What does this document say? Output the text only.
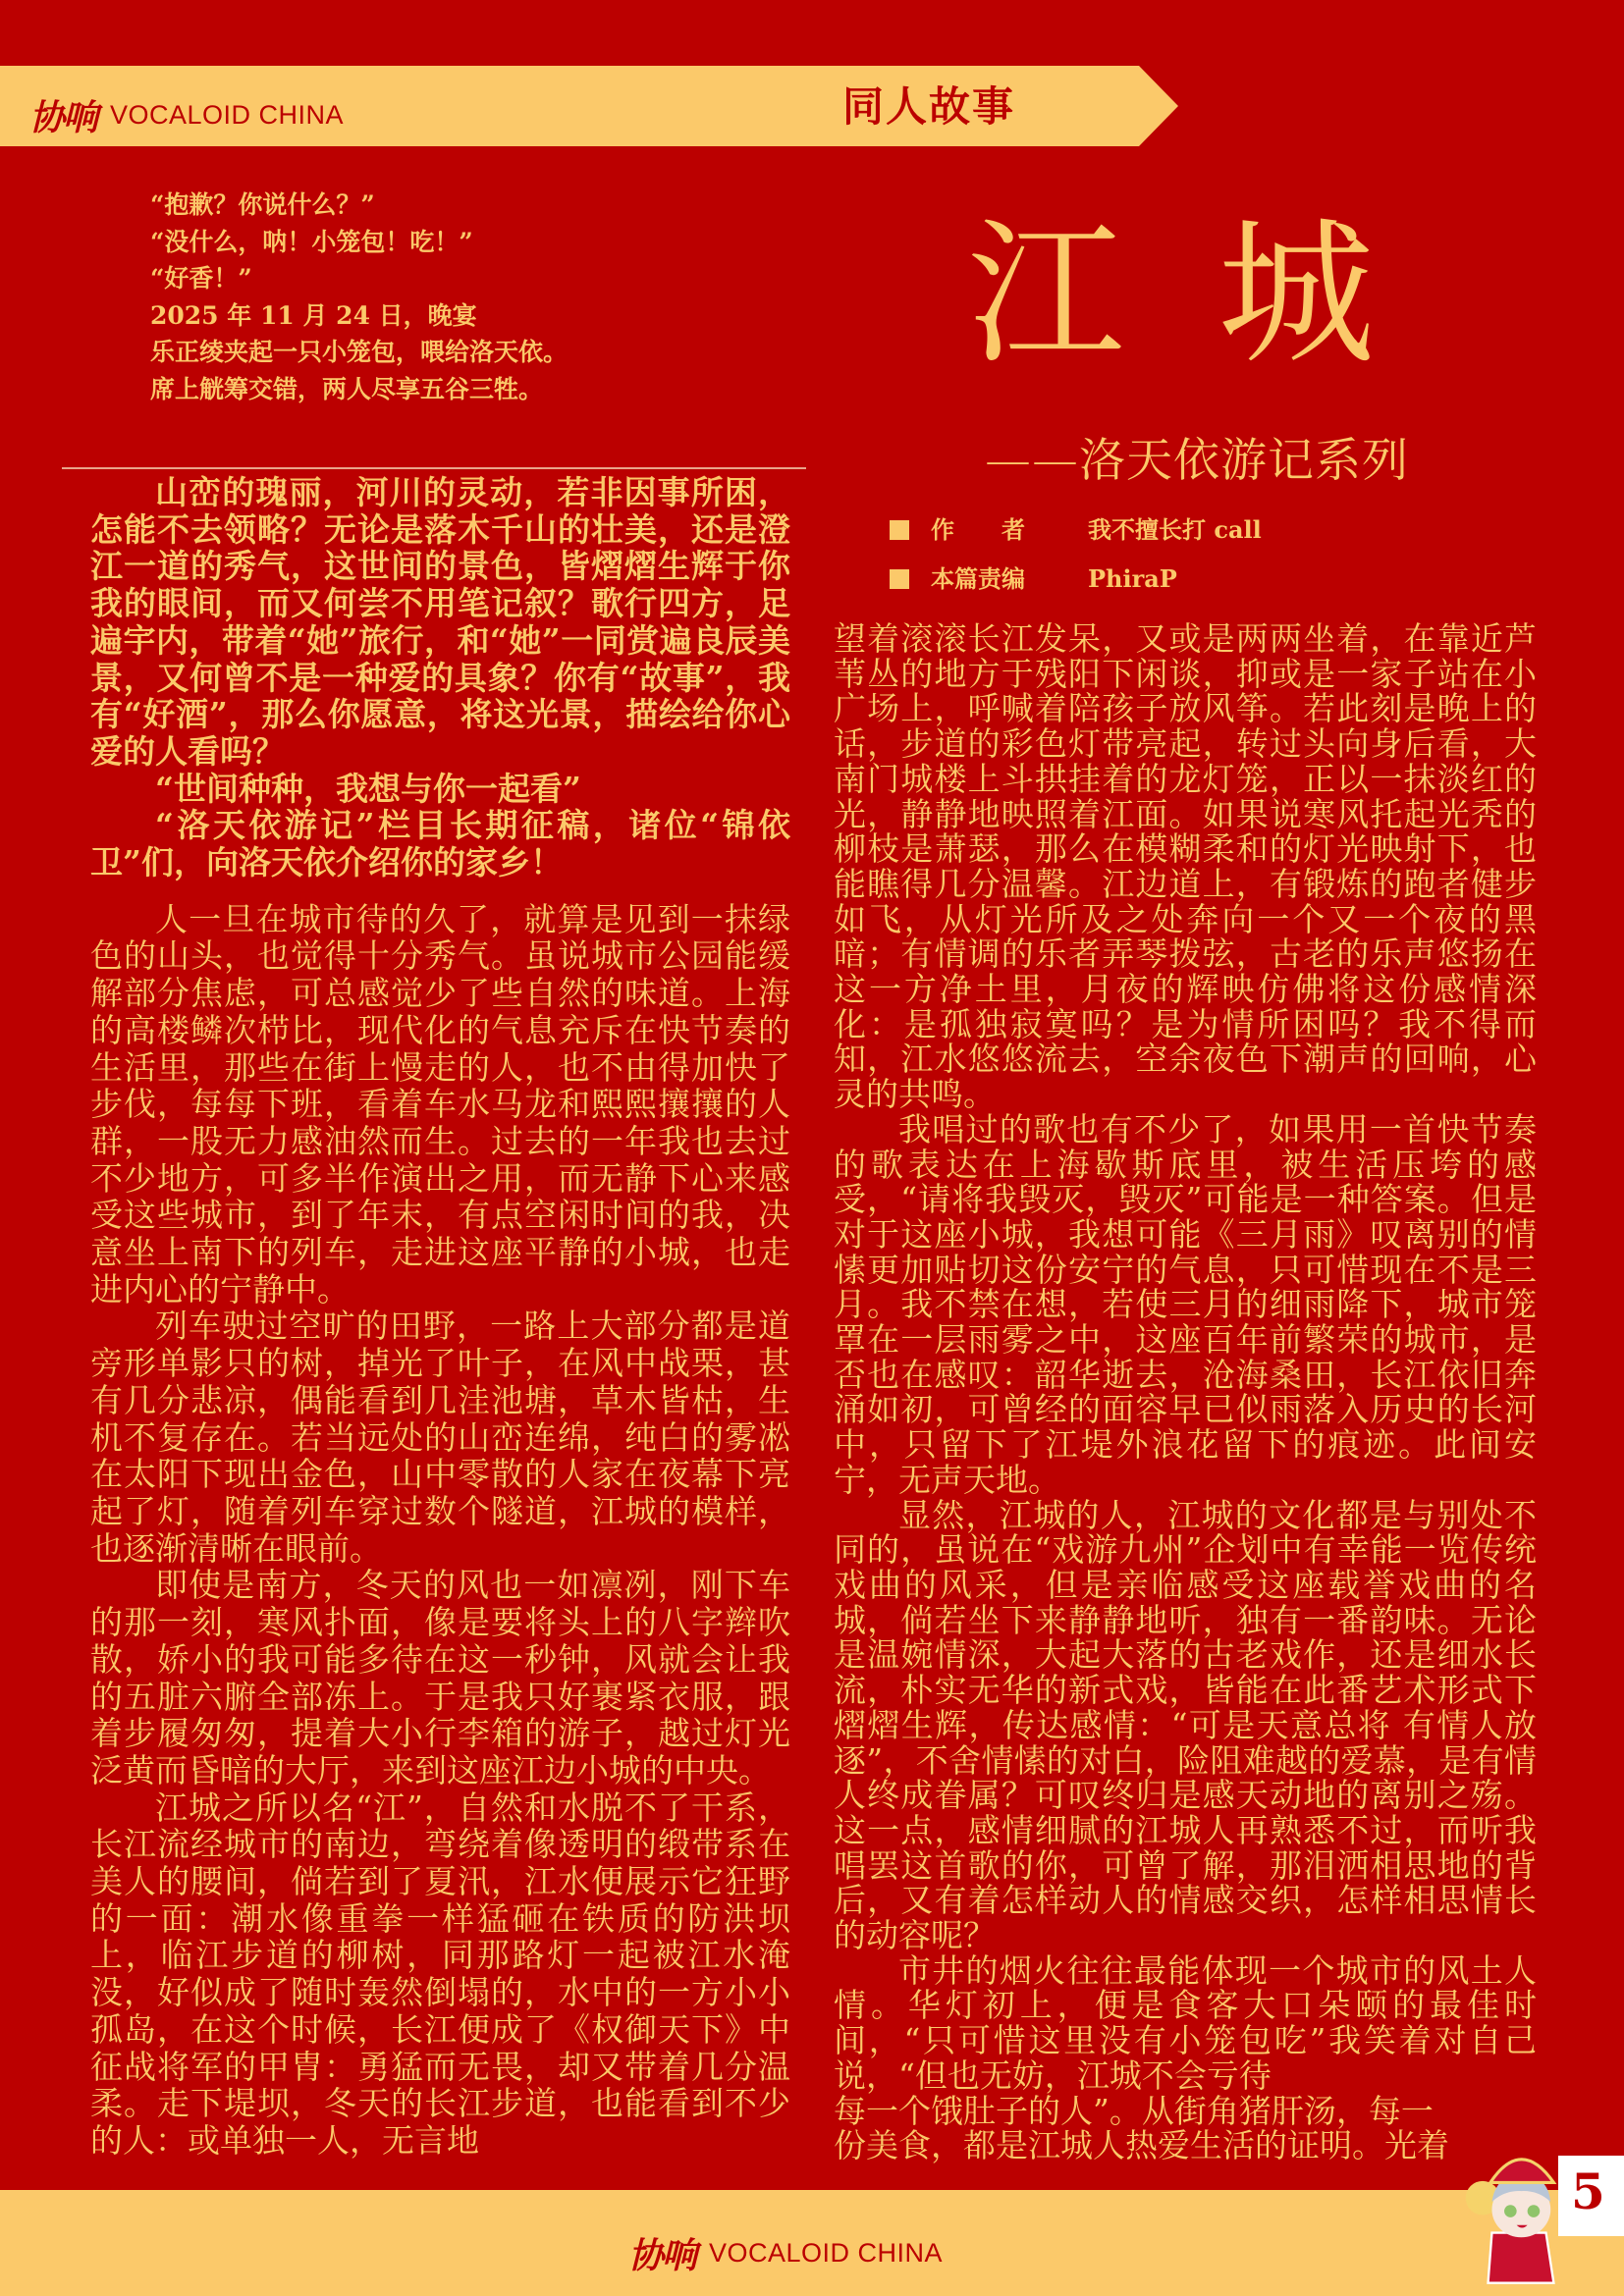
协响 VOCALOID CHINA	同人故事
“抱歉？你说什么？”
“没什么，呐！小笼包！吃！”
“好香！”
2025 年 11 月 24 日，晚宴
乐正绫夹起一只小笼包，喂给洛天依。
席上觥筹交错，两人尽享五谷三牲。
江城
——洛天依游记系列
作　　者	我不擅长打 call
本篇责编	PhiraP

山峦的瑰丽，河川的灵动，若非因事所困，怎能不去领略？无论是落木千山的壮美，还是澄江一道的秀气，这世间的景色，皆熠熠生辉于你我的眼间，而又何尝不用笔记叙？歌行四方，足遍宇内，带着“她”旅行，和“她”一同赏遍良辰美景，又何曾不是一种爱的具象？你有“故事”，我有“好酒”，那么你愿意，将这光景，描绘给你心爱的人看吗？

“世间种种，我想与你一起看”

“洛天依游记”栏目长期征稿，诸位“锦依卫”们，向洛天依介绍你的家乡！

人一旦在城市待的久了，就算是见到一抹绿色的山头，也觉得十分秀气。虽说城市公园能缓解部分焦虑，可总感觉少了些自然的味道。上海的高楼鳞次栉比，现代化的气息充斥在快节奏的生活里，那些在街上慢走的人，也不由得加快了步伐，每每下班，看着车水马龙和熙熙攘攘的人群，一股无力感油然而生。过去的一年我也去过不少地方，可多半作演出之用，而无静下心来感受这些城市，到了年末，有点空闲时间的我，决意坐上南下的列车，走进这座平静的小城，也走进内心的宁静中。

列车驶过空旷的田野，一路上大部分都是道旁形单影只的树，掉光了叶子，在风中战栗，甚有几分悲凉，偶能看到几洼池塘，草木皆枯，生机不复存在。若当远处的山峦连绵，纯白的雾凇在太阳下现出金色，山中零散的人家在夜幕下亮起了灯，随着列车穿过数个隧道，江城的模样，也逐渐清晰在眼前。

即使是南方，冬天的风也一如凛冽，刚下车的那一刻，寒风扑面，像是要将头上的八字辫吹散，娇小的我可能多待在这一秒钟，风就会让我的五脏六腑全部冻上。于是我只好裹紧衣服，跟着步履匆匆，提着大小行李箱的游子，越过灯光泛黄而昏暗的大厅，来到这座江边小城的中央。

江城之所以名“江”，自然和水脱不了干系，长江流经城市的南边，弯绕着像透明的缎带系在美人的腰间，倘若到了夏汛，江水便展示它狂野的一面：潮水像重拳一样猛砸在铁质的防洪坝上，临江步道的柳树，同那路灯一起被江水淹没，好似成了随时轰然倒塌的，水中的一方小小孤岛，在这个时候，长江便成了《权御天下》中征战将军的甲胄：勇猛而无畏，却又带着几分温柔。走下堤坝，冬天的长江步道，也能看到不少的人：或单独一人，无言地

望着滚滚长江发呆，又或是两两坐着，在靠近芦苇丛的地方于残阳下闲谈，抑或是一家子站在小广场上，呼喊着陪孩子放风筝。若此刻是晚上的话，步道的彩色灯带亮起，转过头向身后看，大南门城楼上斗拱挂着的龙灯笼，正以一抹淡红的光，静静地映照着江面。如果说寒风托起光秃的柳枝是萧瑟，那么在模糊柔和的灯光映射下，也能瞧得几分温馨。江边道上，有锻炼的跑者健步如飞，从灯光所及之处奔向一个又一个夜的黑暗；有情调的乐者弄琴拨弦，古老的乐声悠扬在这一方净土里，月夜的辉映仿佛将这份感情深化：是孤独寂寞吗？是为情所困吗？我不得而知，江水悠悠流去，空余夜色下潮声的回响，心灵的共鸣。

我唱过的歌也有不少了，如果用一首快节奏的歌表达在上海歇斯底里，被生活压垮的感受，“请将我毁灭，毁灭”可能是一种答案。但是对于这座小城，我想可能《三月雨》叹离别的情愫更加贴切这份安宁的气息，只可惜现在不是三月。我不禁在想，若使三月的细雨降下，城市笼罩在一层雨雾之中，这座百年前繁荣的城市，是否也在感叹：韶华逝去，沧海桑田，长江依旧奔涌如初，可曾经的面容早已似雨落入历史的长河中，只留下了江堤外浪花留下的痕迹。此间安宁，无声天地。

显然，江城的人，江城的文化都是与别处不同的，虽说在“戏游九州”企划中有幸能一览传统戏曲的风采，但是亲临感受这座载誉戏曲的名城，倘若坐下来静静地听，独有一番韵味。无论是温婉情深，大起大落的古老戏作，还是细水长流，朴实无华的新式戏，皆能在此番艺术形式下熠熠生辉，传达感情：“可是天意总将 有情人放逐”，不舍情愫的对白，险阻难越的爱慕，是有情人终成眷属？可叹终归是感天动地的离别之殇。这一点，感情细腻的江城人再熟悉不过，而听我唱罢这首歌的你，可曾了解，那泪洒相思地的背后，又有着怎样动人的情感交织，怎样相思情长的动容呢？

市井的烟火往往最能体现一个城市的风土人情。华灯初上，便是食客大口朵颐的最佳时间，“只可惜这里没有小笼包吃”我笑着对自己说，“但也无妨，江城不会亏待

每一个饿肚子的人”。从街角猪肝汤，每一
份美食，都是江城人热爱生活的证明。光着
协响 VOCALOID CHINA
5
